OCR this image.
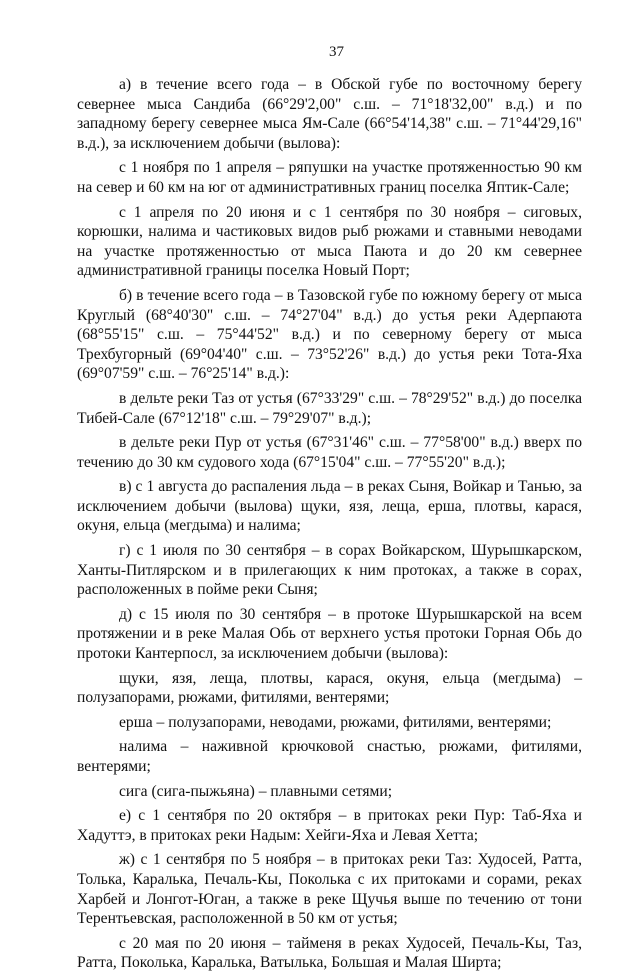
37

а) в течение всего года – в Обской губе по восточному берегу севернее мыса Сандиба (66°29'2,00" с.ш. – 71°18'32,00" в.д.) и по западному берегу севернее мыса Ям-Сале (66°54'14,38" с.ш. – 71°44'29,16" в.д.), за исключением добычи (вылова):

с 1 ноября по 1 апреля – ряпушки на участке протяженностью 90 км на север и 60 км на юг от административных границ поселка Яптик-Сале;

с 1 апреля по 20 июня и с 1 сентября по 30 ноября – сиговых, корюшки, налима и частиковых видов рыб рюжами и ставными неводами на участке протяженностью от мыса Паюта и до 20 км севернее административной границы поселка Новый Порт;

б) в течение всего года – в Тазовской губе по южному берегу от мыса Круглый (68°40'30" с.ш. – 74°27'04" в.д.) до устья реки Адерпаюта (68°55'15" с.ш. – 75°44'52" в.д.) и по северному берегу от мыса Трехбугорный (69°04'40" с.ш. – 73°52'26" в.д.) до устья реки Тота-Яха (69°07'59" с.ш. – 76°25'14" в.д.):

в дельте реки Таз от устья (67°33'29" с.ш. – 78°29'52" в.д.) до поселка Тибей-Сале (67°12'18" с.ш. – 79°29'07" в.д.);

в дельте реки Пур от устья (67°31'46" с.ш. – 77°58'00" в.д.) вверх по течению до 30 км судового хода (67°15'04" с.ш. – 77°55'20" в.д.);

в) с 1 августа до распаления льда – в реках Сыня, Войкар и Танью, за исключением добычи (вылова) щуки, язя, леща, ерша, плотвы, карася, окуня, ельца (мегдыма) и налима;

г) с 1 июля по 30 сентября – в сорах Войкарском, Шурышкарском, Ханты-Питлярском и в прилегающих к ним протоках, а также в сорах, расположенных в пойме реки Сыня;

д) с 15 июля по 30 сентября – в протоке Шурышкарской на всем протяжении и в реке Малая Обь от верхнего устья протоки Горная Обь до протоки Кантерпосл, за исключением добычи (вылова):

щуки, язя, леща, плотвы, карася, окуня, ельца (мегдыма) – полузапорами, рюжами, фитилями, вентерями;

ерша – полузапорами, неводами, рюжами, фитилями, вентерями;

налима – наживной крючковой снастью, рюжами, фитилями, вентерями;

сига (сига-пыжьяна) – плавными сетями;

е) с 1 сентября по 20 октября – в притоках реки Пур: Таб-Яха и Хадуттэ, в притоках реки Надым: Хейги-Яха и Левая Хетта;

ж) с 1 сентября по 5 ноября – в притоках реки Таз: Худосей, Ратта, Толька, Каралька, Печаль-Кы, Поколька с их притоками и сорами, реках Харбей и Лонгот-Юган, а также в реке Щучья выше по течению от тони Терентьевская, расположенной в 50 км от устья;

с 20 мая по 20 июня – тайменя в реках Худосей, Печаль-Кы, Таз, Ратта, Поколька, Каралька, Ватылька, Большая и Малая Ширта;
